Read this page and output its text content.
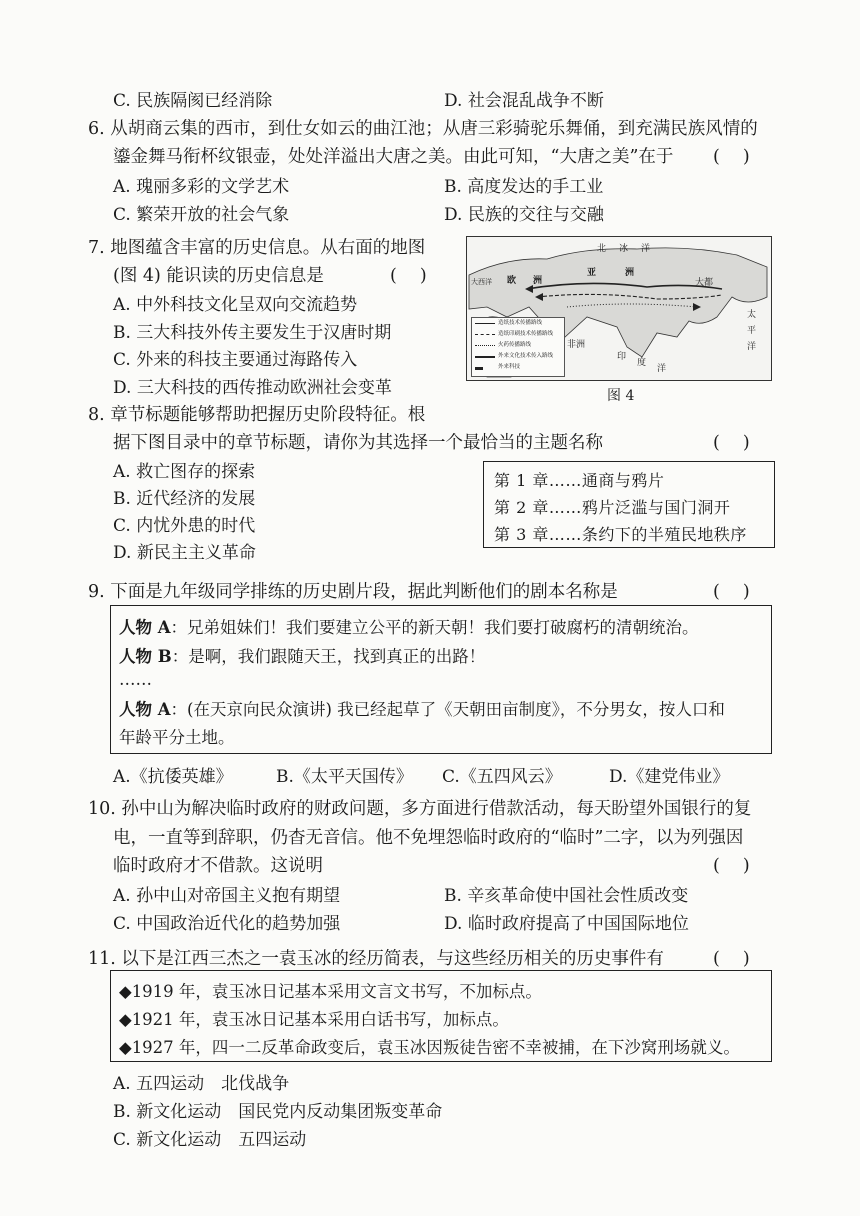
C. 民族隔阂已经消除	D. 社会混乱战争不断
6. 从胡商云集的西市，到仕女如云的曲江池；从唐三彩骑驼乐舞俑，到充满民族风情的
鎏金舞马衔杯纹银壶，处处洋溢出大唐之美。由此可知，“大唐之美”在于 (　 )
A. 瑰丽多彩的文学艺术	B. 高度发达的手工业
C. 繁荣开放的社会气象	D. 民族的交往与交融
7. 地图蕴含丰富的历史信息。从右面的地图
(图 4) 能识读的历史信息是	(　 )
A. 中外科技文化呈双向交流趋势
B. 三大科技外传主要发生于汉唐时期
C. 外来的科技主要通过海路传入
D. 三大科技的西传推动欧洲社会变革
北 冰 洋
欧 洲
亚	洲
大西洋	大都
太
平
洋
印
度
洋
非洲
造纸技术传播路线
造纸印刷技术传播路线
火药传播路线
外来文化技术传入路线
外来科技
图 4
8. 章节标题能够帮助把握历史阶段特征。根
据下图目录中的章节标题，请你为其选择一个最恰当的主题名称	(　 )
A. 救亡图存的探索
B. 近代经济的发展
C. 内忧外患的时代
D. 新民主主义革命
第 1 章……通商与鸦片
第 2 章……鸦片泛滥与国门洞开
第 3 章……条约下的半殖民地秩序
9. 下面是九年级同学排练的历史剧片段，据此判断他们的剧本名称是	(　 )
人物 A：兄弟姐妹们！我们要建立公平的新天朝！我们要打破腐朽的清朝统治。
人物 B：是啊，我们跟随天王，找到真正的出路！
……
人物 A：(在天京向民众演讲) 我已经起草了《天朝田亩制度》，不分男女，按人口和
年龄平分土地。
A.《抗倭英雄》	B.《太平天国传》 C.《五四风云》	D.《建党伟业》
10. 孙中山为解决临时政府的财政问题，多方面进行借款活动，每天盼望外国银行的复
电，一直等到辞职，仍杳无音信。他不免埋怨临时政府的“临时”二字，以为列强因
临时政府才不借款。这说明	(　 )
A. 孙中山对帝国主义抱有期望	B. 辛亥革命使中国社会性质改变
C. 中国政治近代化的趋势加强	D. 临时政府提高了中国国际地位
11. 以下是江西三杰之一袁玉冰的经历简表，与这些经历相关的历史事件有	(　 )
◆1919 年，袁玉冰日记基本采用文言文书写，不加标点。
◆1921 年，袁玉冰日记基本采用白话书写，加标点。
◆1927 年，四一二反革命政变后，袁玉冰因叛徒告密不幸被捕，在下沙窝刑场就义。
A. 五四运动　北伐战争
B. 新文化运动　国民党内反动集团叛变革命
C. 新文化运动　五四运动
